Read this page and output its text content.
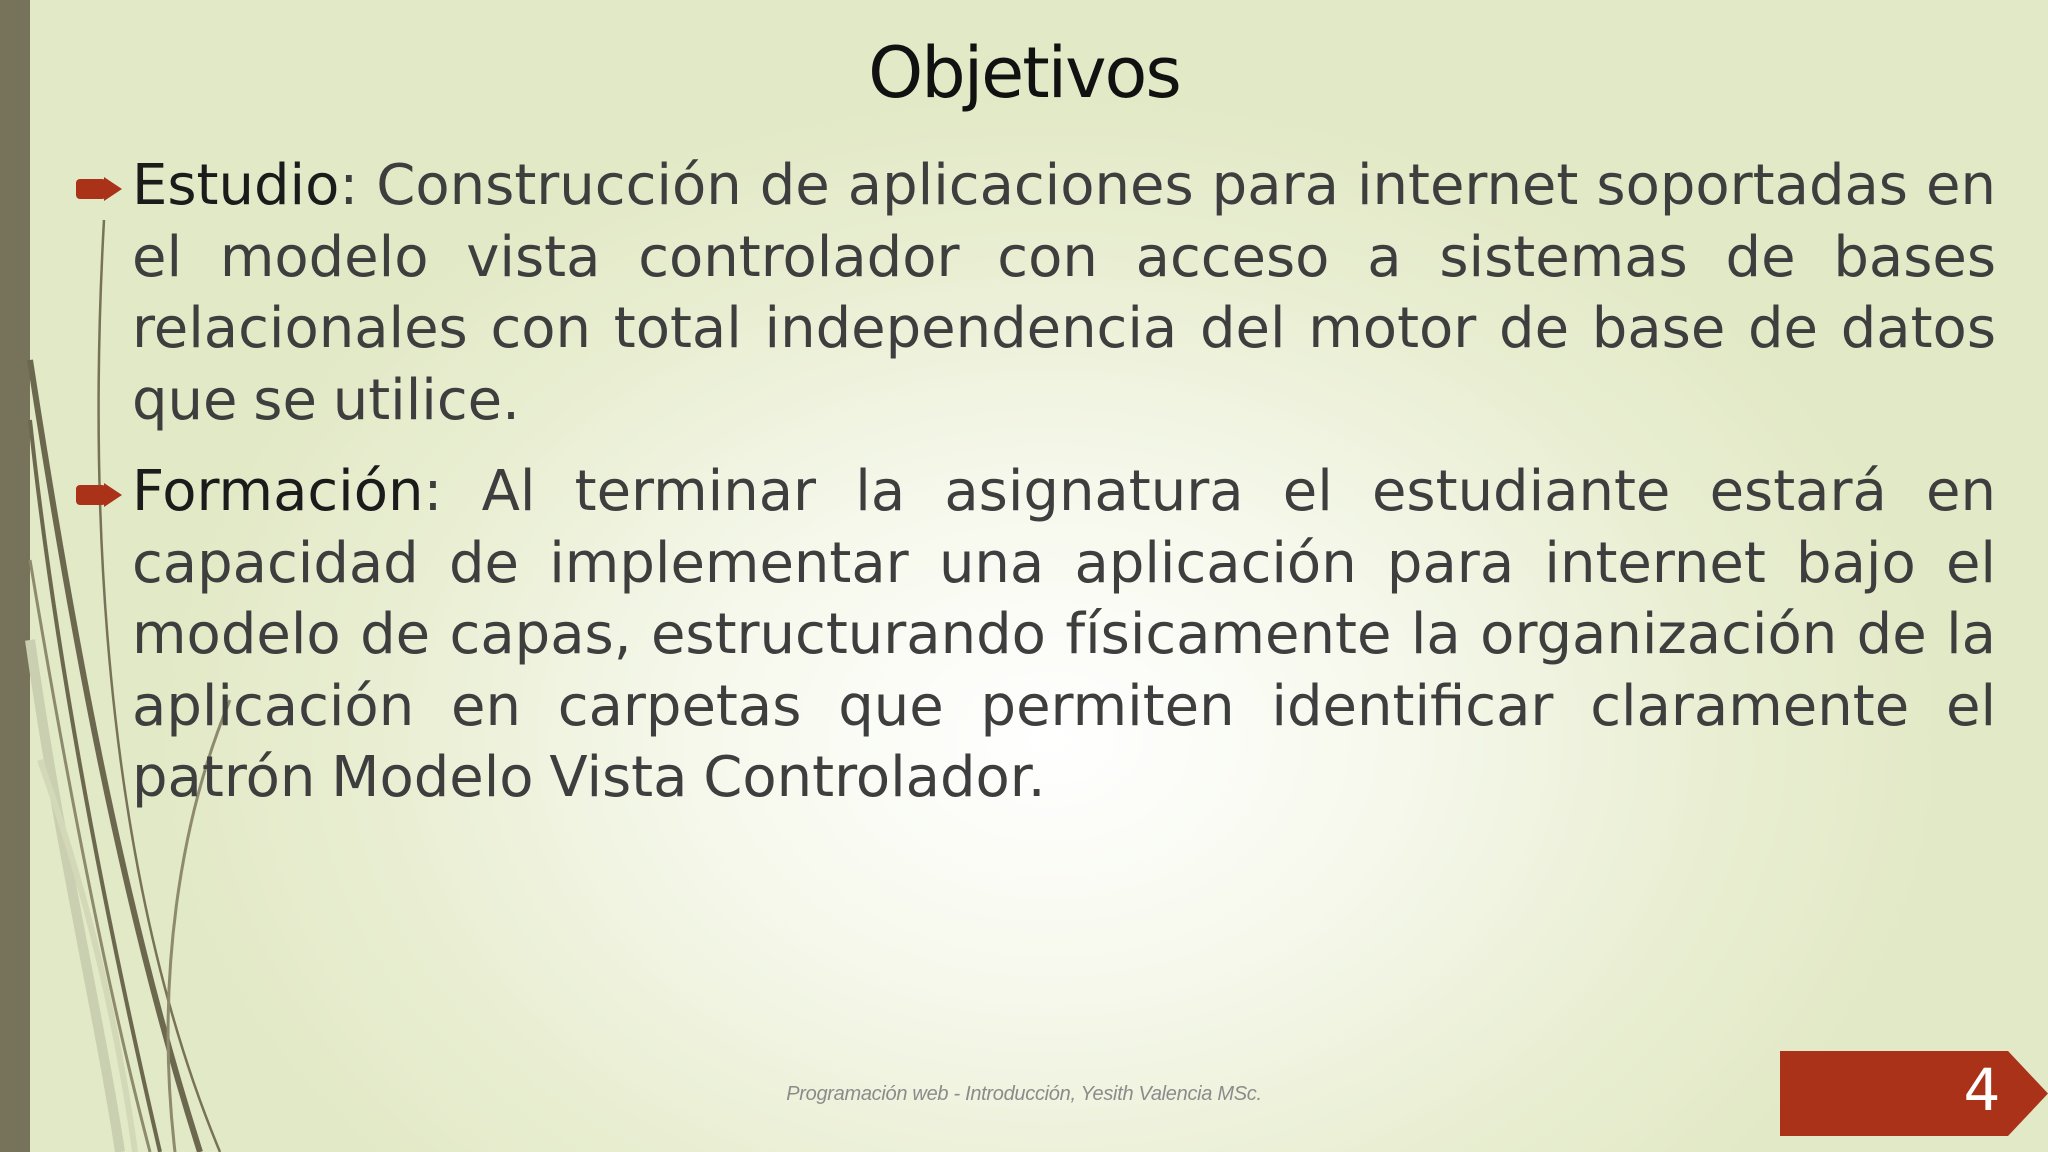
Objetivos
Estudio: Construcción de aplicaciones para internet soportadas en el modelo vista controlador con acceso a sistemas de bases relacionales con total independencia del motor de base de datos que se utilice.
Formación: Al terminar la asignatura el estudiante estará en capacidad de implementar una aplicación para internet bajo el modelo de capas, estructurando físicamente la organización de la aplicación en carpetas que permiten identificar claramente el patrón Modelo Vista Controlador.
Programación web - Introducción, Yesith Valencia MSc.	4
